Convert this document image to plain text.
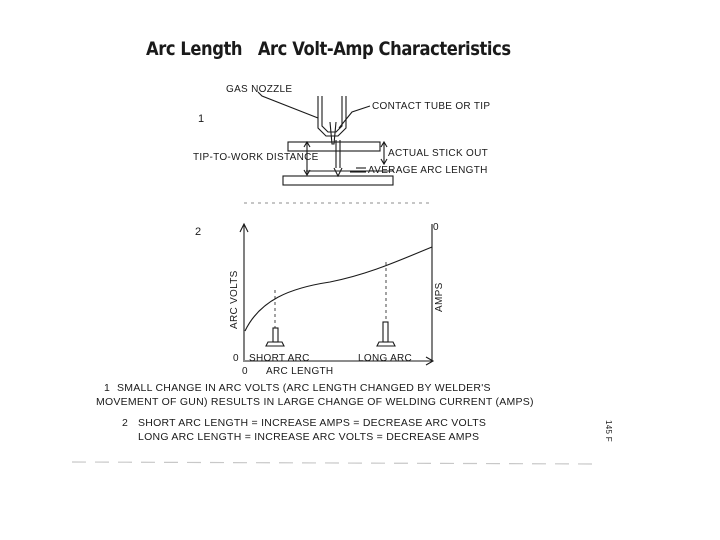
Arc Length Arc Volt-Amp Characteristics
1
GAS NOZZLE
CONTACT TUBE OR TIP
TIP-TO-WORK DISTANCE	ACTUAL STICK OUT
AVERAGE ARC LENGTH
2
ARC VOLTS	AMPS
0
0
0
SHORT ARC	LONG ARC
ARC LENGTH
1 SMALL CHANGE IN ARC VOLTS (ARC LENGTH CHANGED BY WELDER'S
MOVEMENT OF GUN) RESULTS IN LARGE CHANGE OF WELDING CURRENT (AMPS)
2 SHORT ARC LENGTH = INCREASE AMPS = DECREASE ARC VOLTS
LONG ARC LENGTH = INCREASE ARC VOLTS = DECREASE AMPS	145 F
